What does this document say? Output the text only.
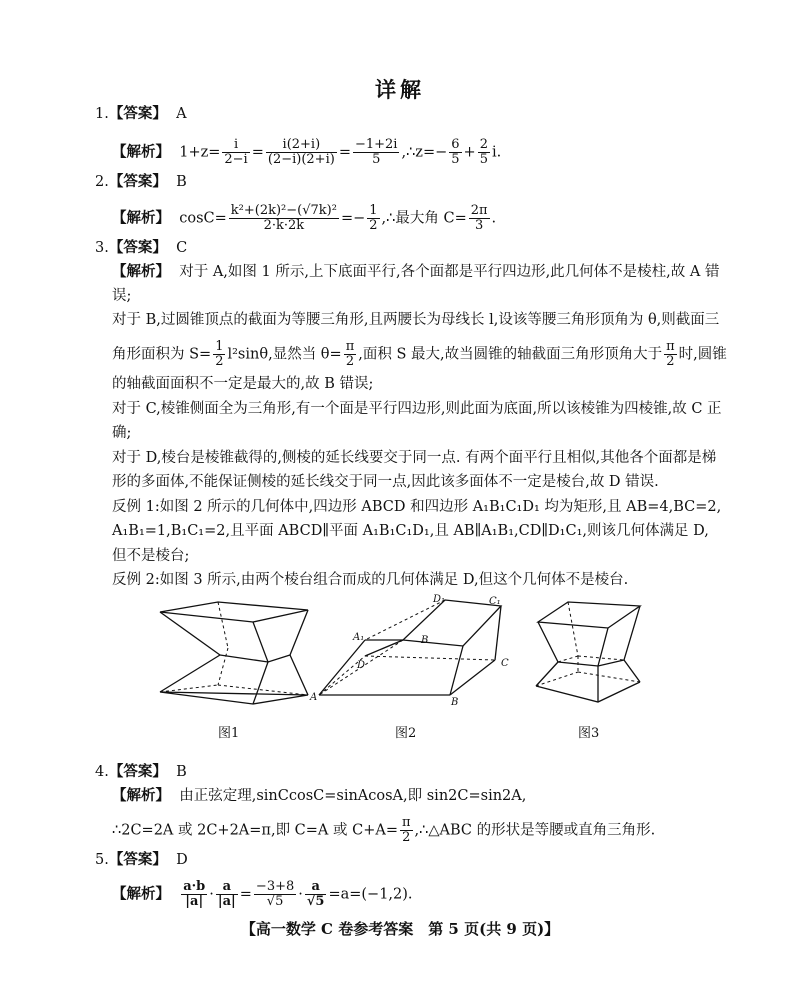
详解
1.【答案】 A
【解析】 $1+z= \frac{i}{2-i} = \frac{i(2+i)}{(2-i)(2+i)} = \frac{-1+2i}{5}$ ,∴z=− $\frac{6}{5} + \frac{2}{5} i$.
2.【答案】 B
【解析】 $\cos C= \frac{\text{k²+(2k)²−(√7k)²}}{2\cdot k\cdot 2k} =- \frac{1}{2}$ ,∴最大角 $C= \frac{2\pi}{3}$ .
3.【答案】 C
【解析】 对于 A,如图 1 所示,上下底面平行,各个面都是平行四边形,此几何体不是棱柱,故 A 错
误;
对于 B,过圆锥顶点的截面为等腰三角形,且两腰长为母线长 l,设该等腰三角形顶角为 θ,则截面三
角形面积为 $S= \frac{1}{2} l^2\sin\theta$,显然当 $\theta= \frac{\pi}{2}$ ,面积 S 最大,故当圆锥的轴截面三角形顶角大于 $\frac{\pi}{2}$ 时,圆锥
的轴截面面积不一定是最大的,故 B 错误;
对于 C,棱锥侧面全为三角形,有一个面是平行四边形,则此面为底面,所以该棱锥为四棱锥,故 C 正
确;
对于 D,棱台是棱锥截得的,侧棱的延长线要交于同一点. 有两个面平行且相似,其他各个面都是梯
形的多面体,不能保证侧棱的延长线交于同一点,因此该多面体不一定是棱台,故 D 错误.
反例 1:如图 2 所示的几何体中,四边形 ABCD 和四边形 A₁B₁C₁D₁ 均为矩形,且 AB=4,BC=2,
A₁B₁=1,B₁C₁=2,且平面 ABCD∥平面 A₁B₁C₁D₁,且 AB∥A₁B₁,CD∥D₁C₁,则该几何体满足 D,
但不是棱台;
反例 2:如图 3 所示,由两个棱台组合而成的几何体满足 D,但这个几何体不是棱台.
图1
D₁	C₁
A₁	B
D	C
A	B
图2	图3
4.【答案】 B
【解析】 由正弦定理,sinCcosC=sinAcosA,即 sin2C=sin2A,
∴2C=2A 或 2C+2A=π,即 C=A 或 $C+A= \frac{\pi}{2}$ ,∴△ABC 的形状是等腰或直角三角形.
5.【答案】 D
【解析】 $\frac{a\cdot b}{|a|} \cdot \frac{a}{|a|} = \frac{-3+8}{√5} \cdot \frac{a}{√5} =a=(-1,2)$.
【高一数学 C 卷参考答案　第 5 页(共 9 页)】
